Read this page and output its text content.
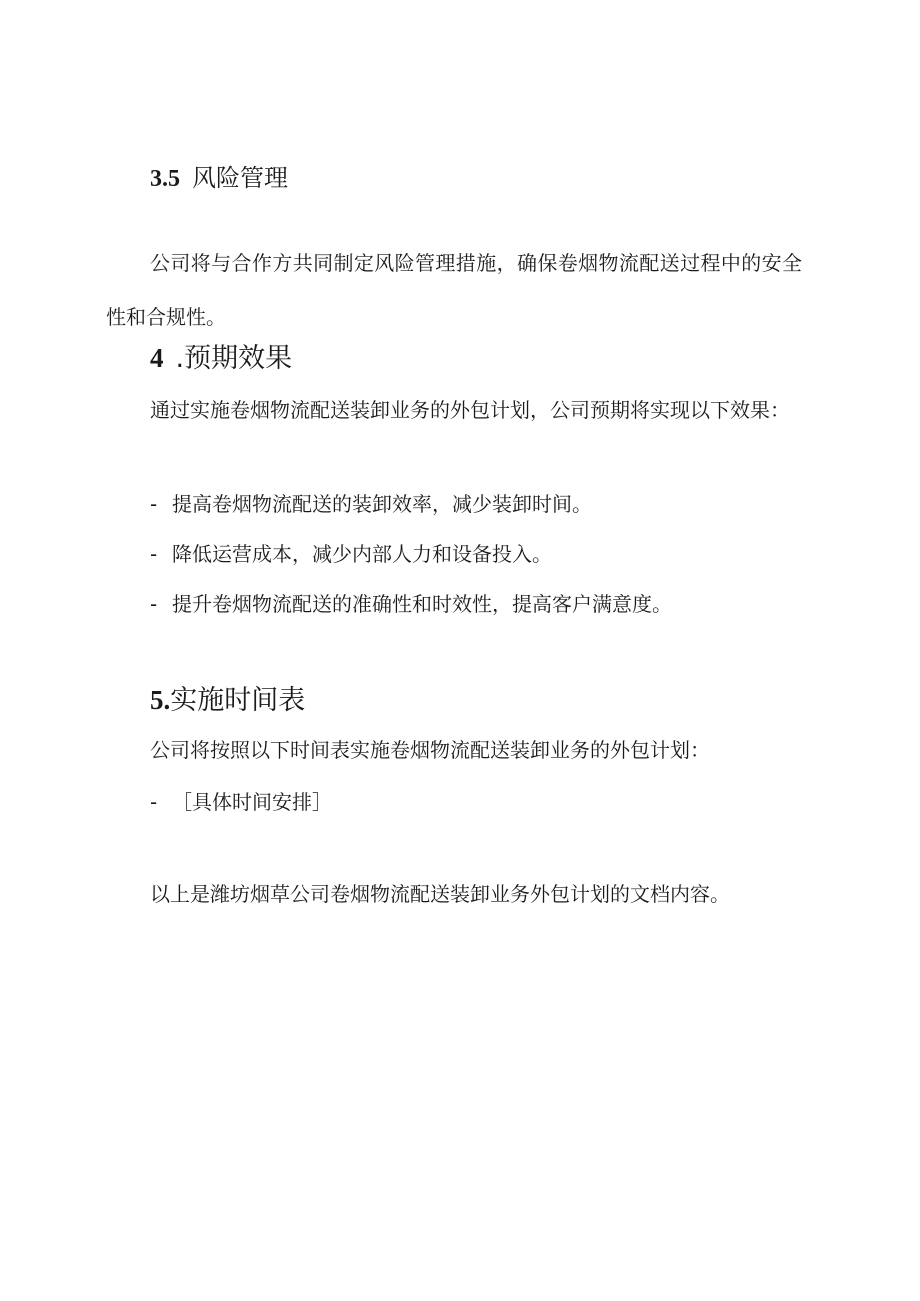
3.5 风险管理

公司将与合作方共同制定风险管理措施，确保卷烟物流配送过程中的安全性和合规性。

4 .预期效果

通过实施卷烟物流配送装卸业务的外包计划，公司预期将实现以下效果：

- 提高卷烟物流配送的装卸效率，减少装卸时间。

- 降低运营成本，减少内部人力和设备投入。

- 提升卷烟物流配送的准确性和时效性，提高客户满意度。

5.实施时间表

公司将按照以下时间表实施卷烟物流配送装卸业务的外包计划：

- ［具体时间安排］

以上是潍坊烟草公司卷烟物流配送装卸业务外包计划的文档内容。
